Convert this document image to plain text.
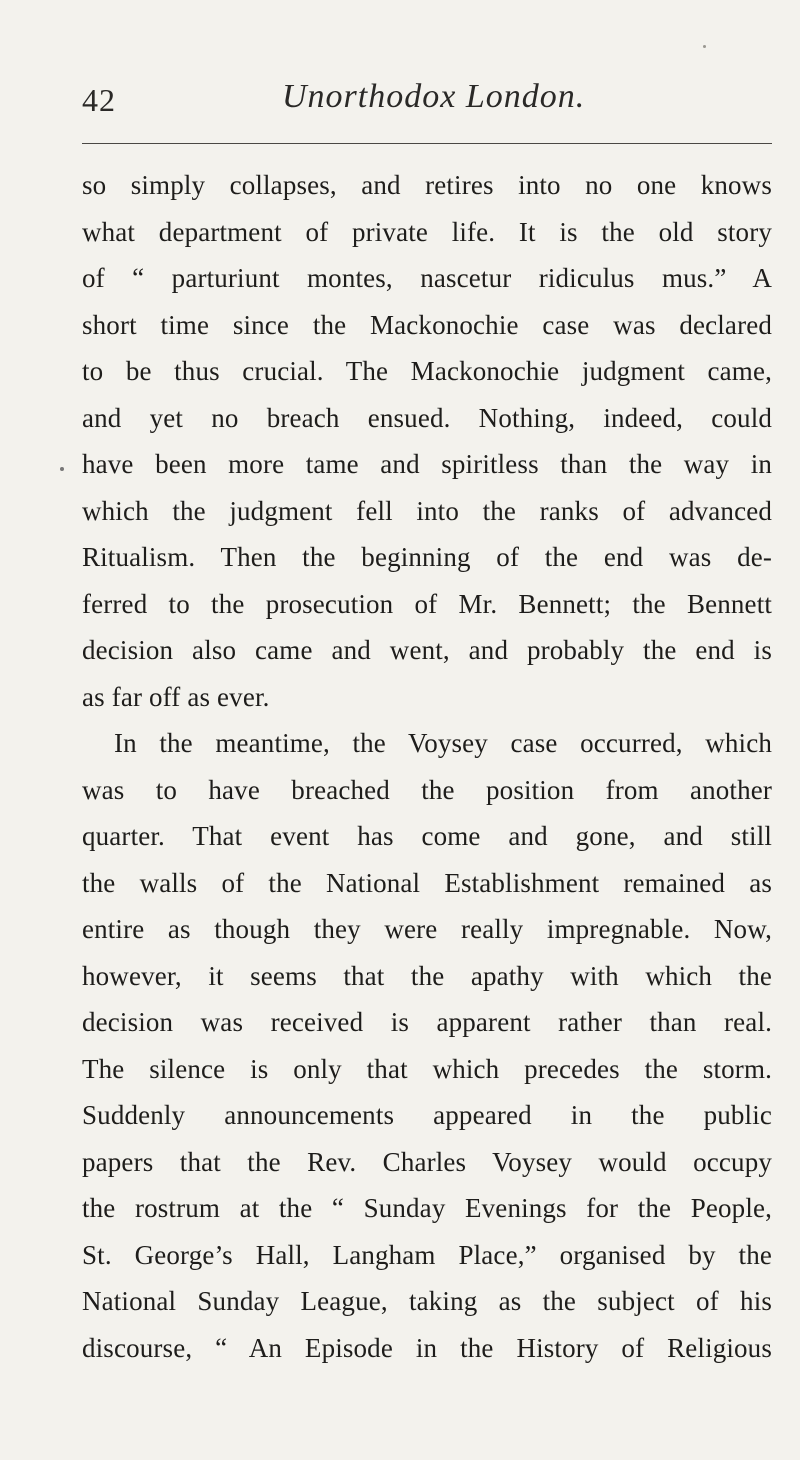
42	Unorthodox London.
so simply collapses, and retires into no one knows
what department of private life. It is the old story
of “ parturiunt montes, nascetur ridiculus mus.” A
short time since the Mackonochie case was declared
to be thus crucial. The Mackonochie judgment came,
and yet no breach ensued. Nothing, indeed, could
have been more tame and spiritless than the way in
which the judgment fell into the ranks of advanced
Ritualism. Then the beginning of the end was de-
ferred to the prosecution of Mr. Bennett; the Bennett
decision also came and went, and probably the end is
as far off as ever.
In the meantime, the Voysey case occurred, which
was to have breached the position from another
quarter. That event has come and gone, and still
the walls of the National Establishment remained as
entire as though they were really impregnable. Now,
however, it seems that the apathy with which the
decision was received is apparent rather than real.
The silence is only that which precedes the storm.
Suddenly announcements appeared in the public
papers that the Rev. Charles Voysey would occupy
the rostrum at the “ Sunday Evenings for the People,
St. George’s Hall, Langham Place,” organised by the
National Sunday League, taking as the subject of his
discourse, “ An Episode in the History of Religious
